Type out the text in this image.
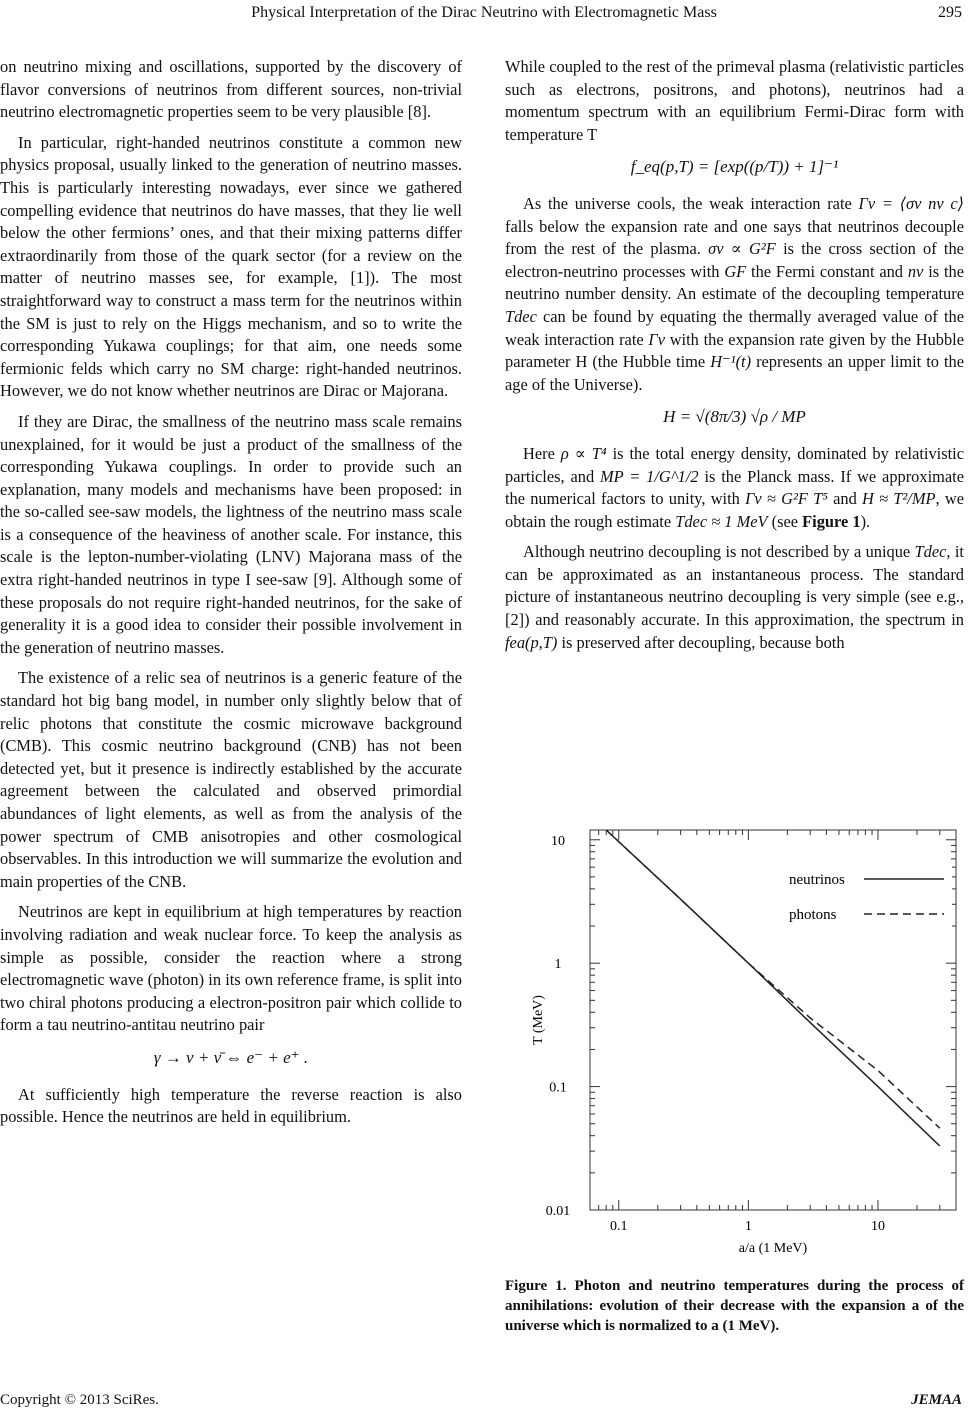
Physical Interpretation of the Dirac Neutrino with Electromagnetic Mass	295

on neutrino mixing and oscillations, supported by the discovery of flavor conversions of neutrinos from different sources, non-trivial neutrino electromagnetic properties seem to be very plausible [8].

In particular, right-handed neutrinos constitute a common new physics proposal, usually linked to the generation of neutrino masses. This is particularly interesting nowadays, ever since we gathered compelling evidence that neutrinos do have masses, that they lie well below the other fermions’ ones, and that their mixing patterns differ extraordinarily from those of the quark sector (for a review on the matter of neutrino masses see, for example, [1]). The most straightforward way to construct a mass term for the neutrinos within the SM is just to rely on the Higgs mechanism, and so to write the corresponding Yukawa couplings; for that aim, one needs some fermionic felds which carry no SM charge: right-handed neutrinos. However, we do not know whether neutrinos are Dirac or Majorana.

If they are Dirac, the smallness of the neutrino mass scale remains unexplained, for it would be just a product of the smallness of the corresponding Yukawa couplings. In order to provide such an explanation, many models and mechanisms have been proposed: in the so-called see-saw models, the lightness of the neutrino mass scale is a consequence of the heaviness of another scale. For instance, this scale is the lepton-number-violating (LNV) Majorana mass of the extra right-handed neutrinos in type I see-saw [9]. Although some of these proposals do not require right-handed neutrinos, for the sake of generality it is a good idea to consider their possible involvement in the generation of neutrino masses.

The existence of a relic sea of neutrinos is a generic feature of the standard hot big bang model, in number only slightly below that of relic photons that constitute the cosmic microwave background (CMB). This cosmic neutrino background (CNB) has not been detected yet, but it presence is indirectly established by the accurate agreement between the calculated and observed primordial abundances of light elements, as well as from the analysis of the power spectrum of CMB anisotropies and other cosmological observables. In this introduction we will summarize the evolution and main properties of the CNB.

Neutrinos are kept in equilibrium at high temperatures by reaction involving radiation and weak nuclear force. To keep the analysis as simple as possible, consider the reaction where a strong electromagnetic wave (photon) in its own reference frame, is split into two chiral photons producing a electron-positron pair which collide to form a tau neutrino-antitau neutrino pair

γ → ν + ν̄ ⇔ e⁻ + e⁺ .

At sufficiently high temperature the reverse reaction is also possible. Hence the neutrinos are held in equilibrium.

While coupled to the rest of the primeval plasma (relativistic particles such as electrons, positrons, and photons), neutrinos had a momentum spectrum with an equilibrium Fermi-Dirac form with temperature T

f_eq(p,T) = [exp((p/T)) + 1]⁻¹

As the universe cools, the weak interaction rate Γν = ⟨σν nν c⟩ falls below the expansion rate and one says that neutrinos decouple from the rest of the plasma. σν ∝ G²F is the cross section of the electron-neutrino processes with GF the Fermi constant and nν is the neutrino number density. An estimate of the decoupling temperature Tdec can be found by equating the thermally averaged value of the weak interaction rate Γν with the expansion rate given by the Hubble parameter H (the Hubble time H⁻¹(t) represents an upper limit to the age of the Universe).

H = √(8π/3) √ρ / MP

Here ρ ∝ T⁴ is the total energy density, dominated by relativistic particles, and MP = 1/G^1/2 is the Planck mass. If we approximate the numerical factors to unity, with Γν ≈ G²F T⁵ and H ≈ T²/MP, we obtain the rough estimate Tdec ≈ 1 MeV (see Figure 1).

Although neutrino decoupling is not described by a unique Tdec, it can be approximated as an instantaneous process. The standard picture of instantaneous neutrino decoupling is very simple (see e.g., [2]) and reasonably accurate. In this approximation, the spectrum in fea(p,T) is preserved after decoupling, because both

0.1	1	10
10
1
0.1
0.01
neutrinos
photons
a/a (1 MeV)
T (MeV)
Figure 1. Photon and neutrino temperatures during the process of annihilations: evolution of their decrease with the expansion a of the universe which is normalized to a (1 MeV).
Copyright © 2013 SciRes.	JEMAA
